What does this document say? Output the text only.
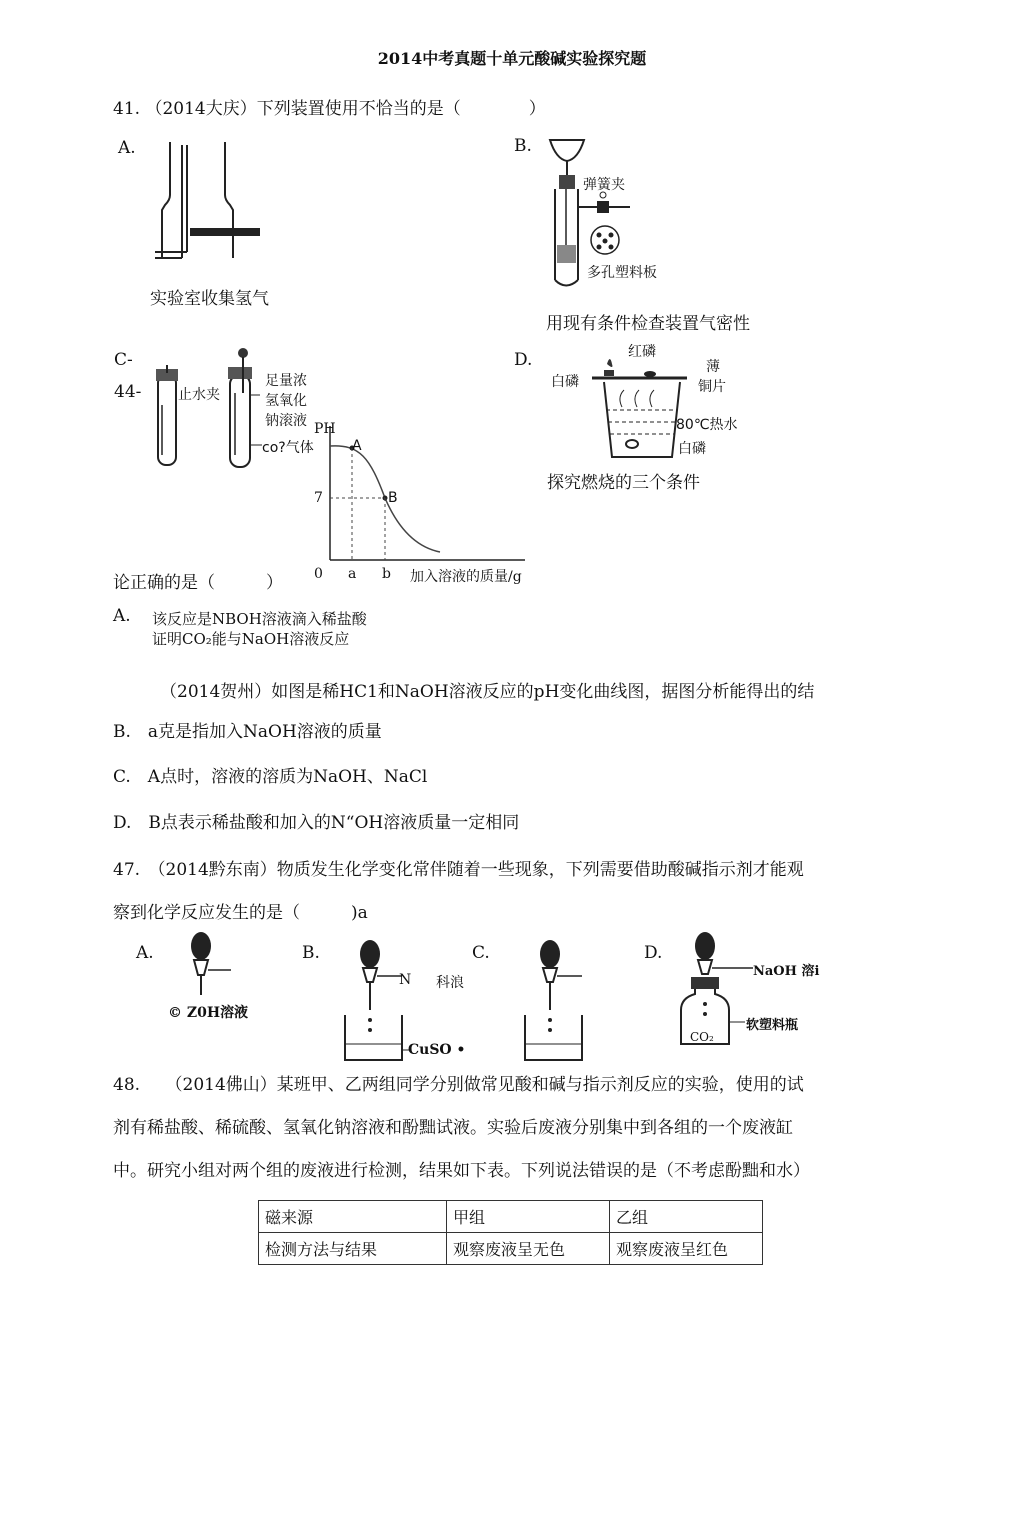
2014中考真题十单元酸碱实验探究题
41. （2014大庆）下列装置使用不恰当的是（　　　　）
A.
实验室收集氢气
B.
弹簧夹
多孔塑料板
用现有条件检查装置气密性
C-
44-	止水夹
足量浓
氢氧化
钠滚液
co?气体
PH
7
A
B
0 a b 加入溶液的质量/g
D.	红磷
白磷
薄
铜片
80℃热水
白磷
探究燃烧的三个条件
论正确的是（　　　）
A. 该反应是NBOH溶液滴入稀盐酸
证明CO₂能与NaOH溶液反应
（2014贺州）如图是稀HC1和NaOH溶液反应的pH变化曲线图，据图分析能得出的结
B.　a克是指加入NaOH溶液的质量
C.　A点时，溶液的溶质为NaOH、NaCl
D.　B点表示稀盐酸和加入的N“OH溶液质量一定相同
47.　（2014黔东南）物质发生化学变化常伴随着一些现象，下列需要借助酸碱指示剂才能观
察到化学反应发生的是（　　　)a
A.
© Z0H溶液
B.
N 科浪
CuSO •
C.	D.
NaOH 溶i
软塑料瓶
CO₂
48.　　（2014佛山）某班甲、乙两组同学分别做常见酸和碱与指示剂反应的实验，使用的试
剂有稀盐酸、稀硫酸、氢氧化钠溶液和酚黜试液。实验后废液分别集中到各组的一个废液缸
中。研究小组对两个组的废液进行检测，结果如下表。下列说法错误的是（不考虑酚黜和水）
磁来源	甲组	乙组
检测方法与结果	观察废液呈无色	观察废液呈红色
